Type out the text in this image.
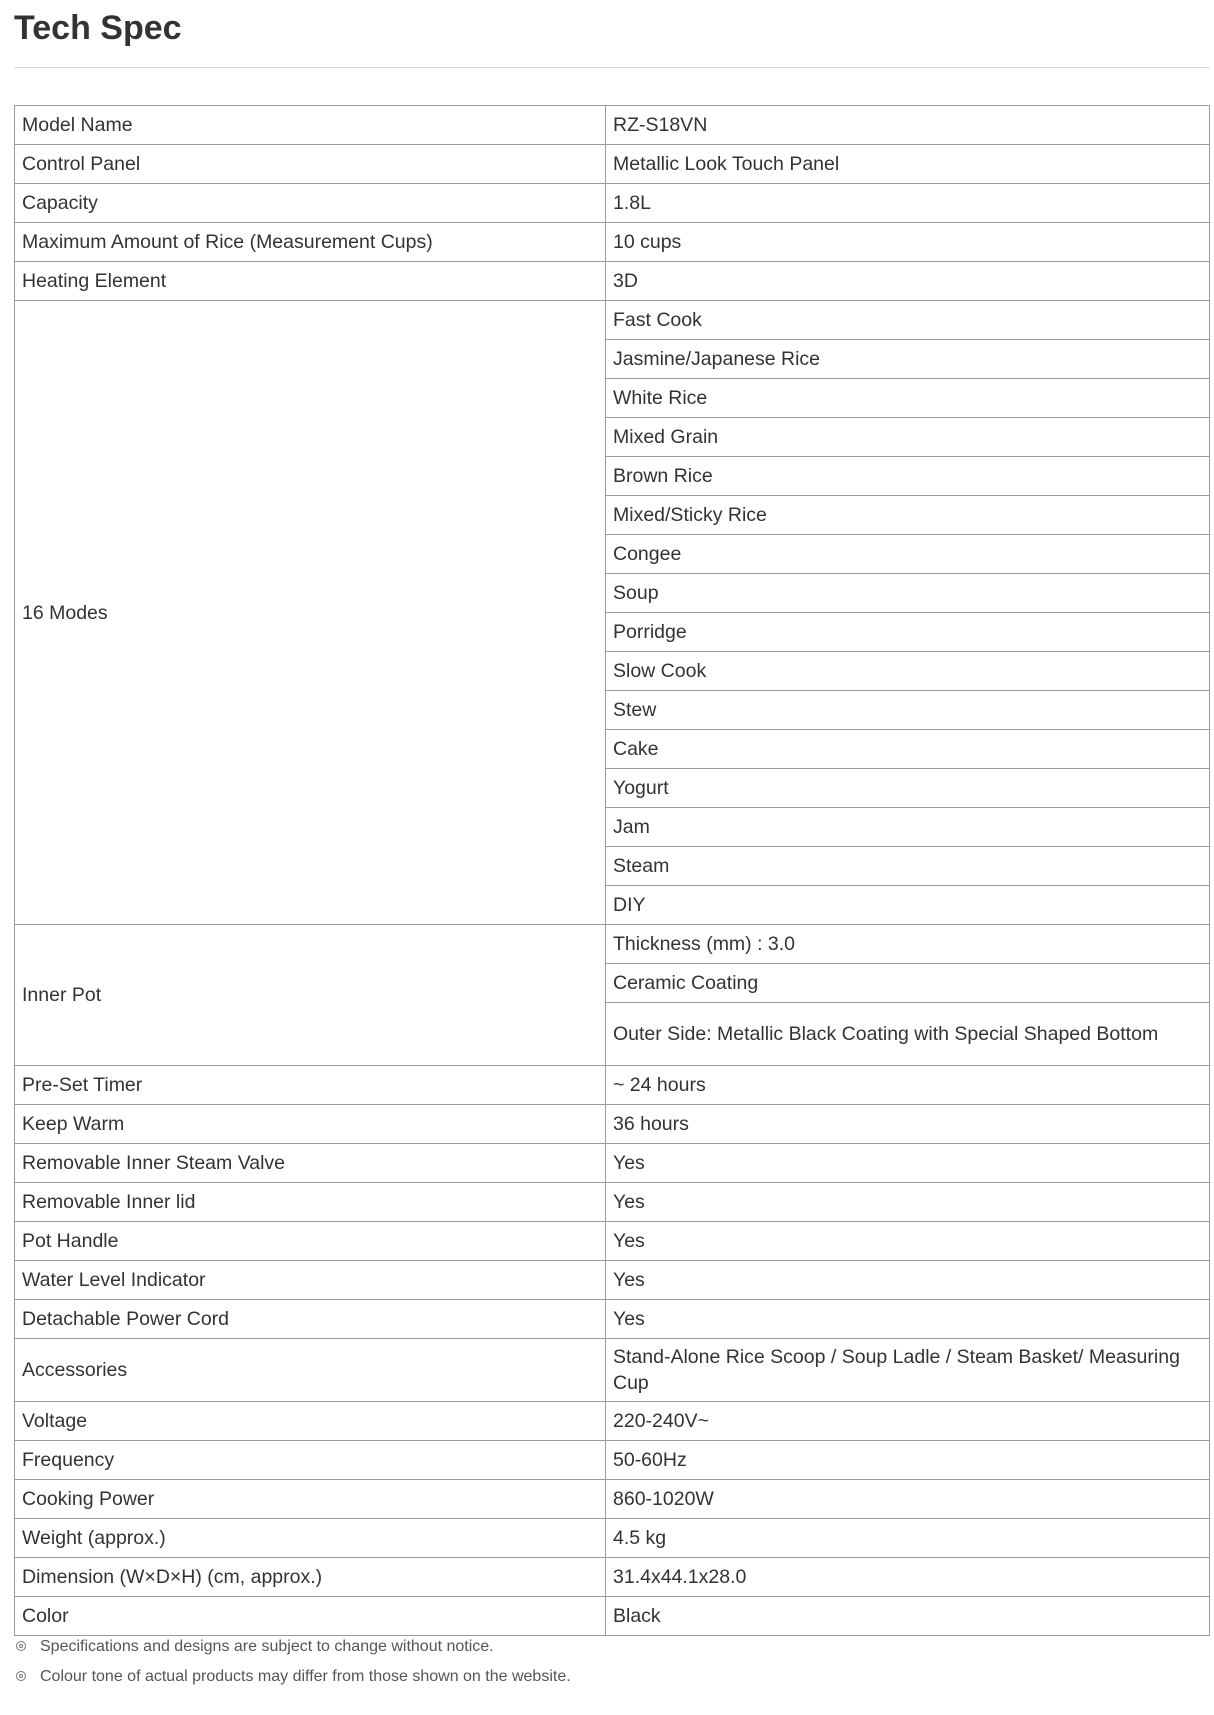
Tech Spec
Model Name	RZ-S18VN
Control Panel	Metallic Look Touch Panel
Capacity	1.8L
Maximum Amount of Rice (Measurement Cups)	10 cups
Heating Element	3D
16 Modes	Fast Cook
	Jasmine/Japanese Rice
	White Rice
	Mixed Grain
	Brown Rice
	Mixed/Sticky Rice
	Congee
	Soup
	Porridge
	Slow Cook
	Stew
	Cake
	Yogurt
	Jam
	Steam
	DIY
Inner Pot	Thickness (mm) : 3.0
	Ceramic Coating
	Outer Side: Metallic Black Coating with Special Shaped Bottom
Pre-Set Timer	~ 24 hours
Keep Warm	36 hours
Removable Inner Steam Valve	Yes
Removable Inner lid	Yes
Pot Handle	Yes
Water Level Indicator	Yes
Detachable Power Cord	Yes
Accessories	Stand-Alone Rice Scoop / Soup Ladle / Steam Basket/ Measuring Cup
Voltage	220-240V~
Frequency	50-60Hz
Cooking Power	860-1020W
Weight (approx.)	4.5 kg
Dimension (W×D×H) (cm, approx.)	31.4x44.1x28.0
Color	Black
Specifications and designs are subject to change without notice.
Colour tone of actual products may differ from those shown on the website.
